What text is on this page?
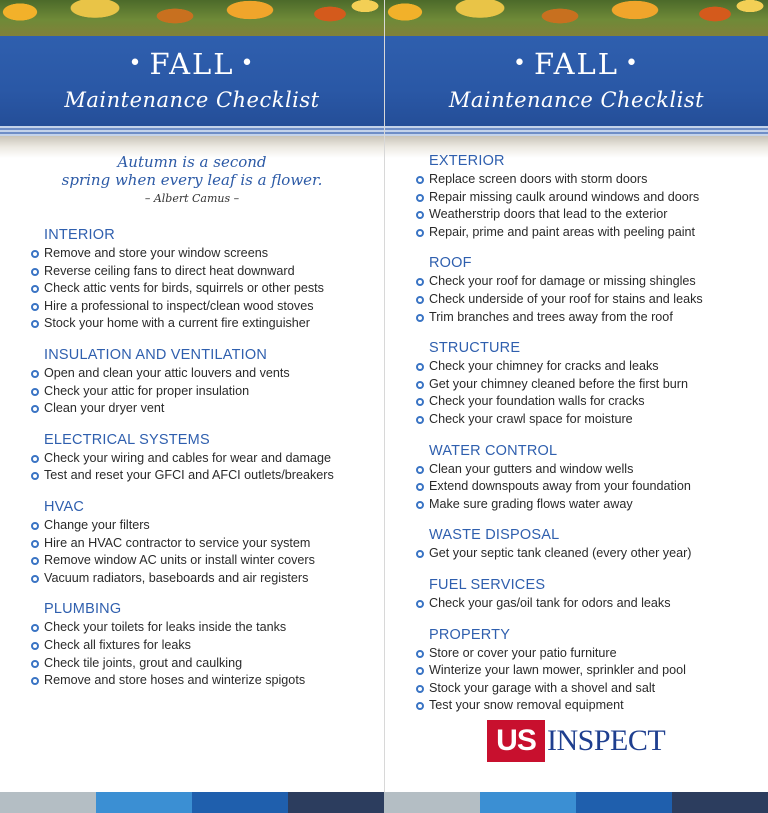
• FALL •
Maintenance Checklist
Autumn is a second
spring when every leaf is a flower.
– Albert Camus –
INTERIOR
Remove and store your window screens
Reverse ceiling fans to direct heat downward
Check attic vents for birds, squirrels or other pests
Hire a professional to inspect/clean wood stoves
Stock your home with a current fire extinguisher
INSULATION AND VENTILATION
Open and clean your attic louvers and vents
Check your attic for proper insulation
Clean your dryer vent
ELECTRICAL SYSTEMS
Check your wiring and cables for wear and damage
Test and reset your GFCI and AFCI outlets/breakers
HVAC
Change your filters
Hire an HVAC contractor to service your system
Remove window AC units or install winter covers
Vacuum radiators, baseboards and air registers
PLUMBING
Check your toilets for leaks inside the tanks
Check all fixtures for leaks
Check tile joints, grout and caulking
Remove and store hoses and winterize spigots
• FALL •
Maintenance Checklist
EXTERIOR
Replace screen doors with storm doors
Repair missing caulk around windows and doors
Weatherstrip doors that lead to the exterior
Repair, prime and paint areas with peeling paint
ROOF
Check your roof for damage or missing shingles
Check underside of your roof for stains and leaks
Trim branches and trees away from the roof
STRUCTURE
Check your chimney for cracks and leaks
Get your chimney cleaned before the first burn
Check your foundation walls for cracks
Check your crawl space for moisture
WATER CONTROL
Clean your gutters and window wells
Extend downspouts away from your foundation
Make sure grading flows water away
WASTE DISPOSAL
Get your septic tank cleaned (every other year)
FUEL SERVICES
Check your gas/oil tank for odors and leaks
PROPERTY
Store or cover your patio furniture
Winterize your lawn mower, sprinkler and pool
Stock your garage with a shovel and salt
Test your snow removal equipment
US INSPECT
